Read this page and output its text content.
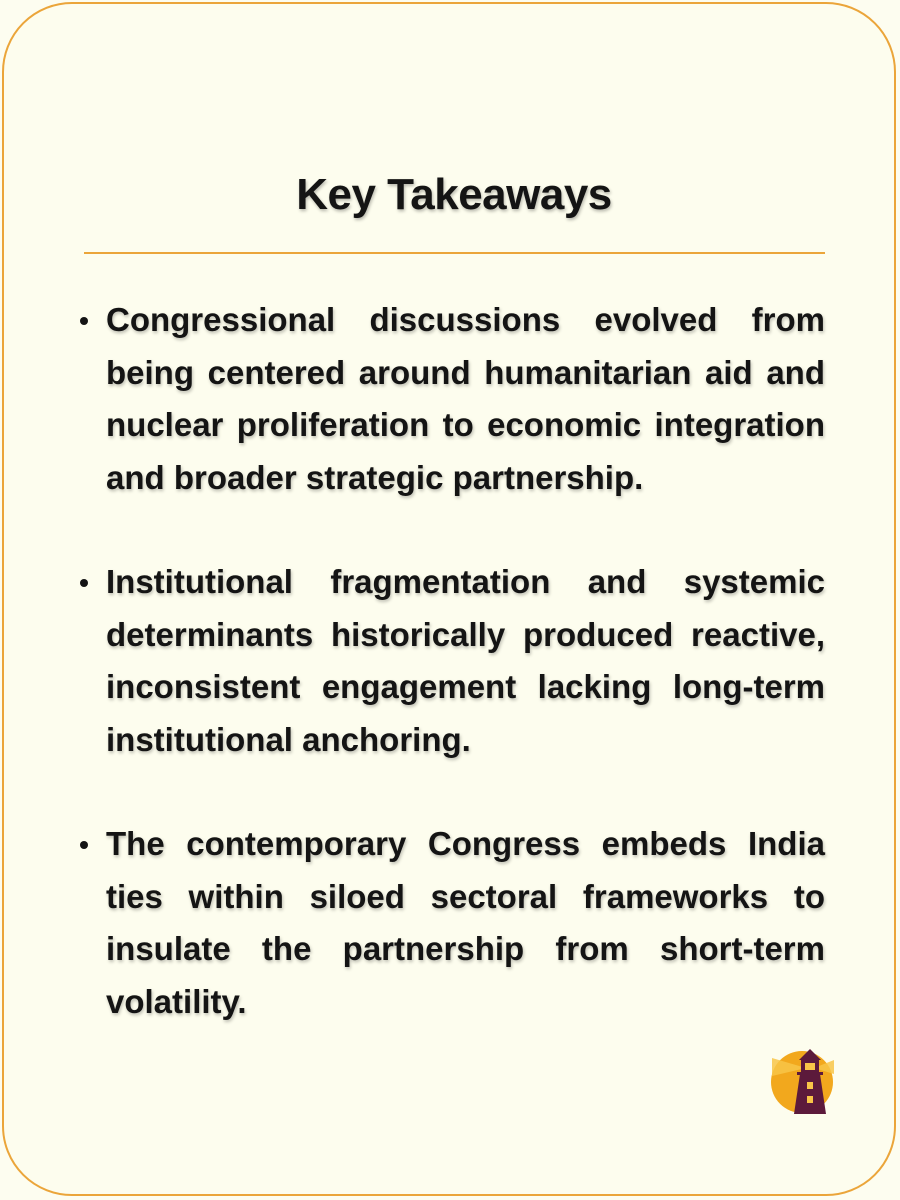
Key Takeaways
Congressional discussions evolved from being centered around humanitarian aid and nuclear proliferation to economic integration and broader strategic partnership.
Institutional fragmentation and systemic determinants historically produced reactive, inconsistent engagement lacking long-term institutional anchoring.
The contemporary Congress embeds India ties within siloed sectoral frameworks to insulate the partnership from short-term volatility.
